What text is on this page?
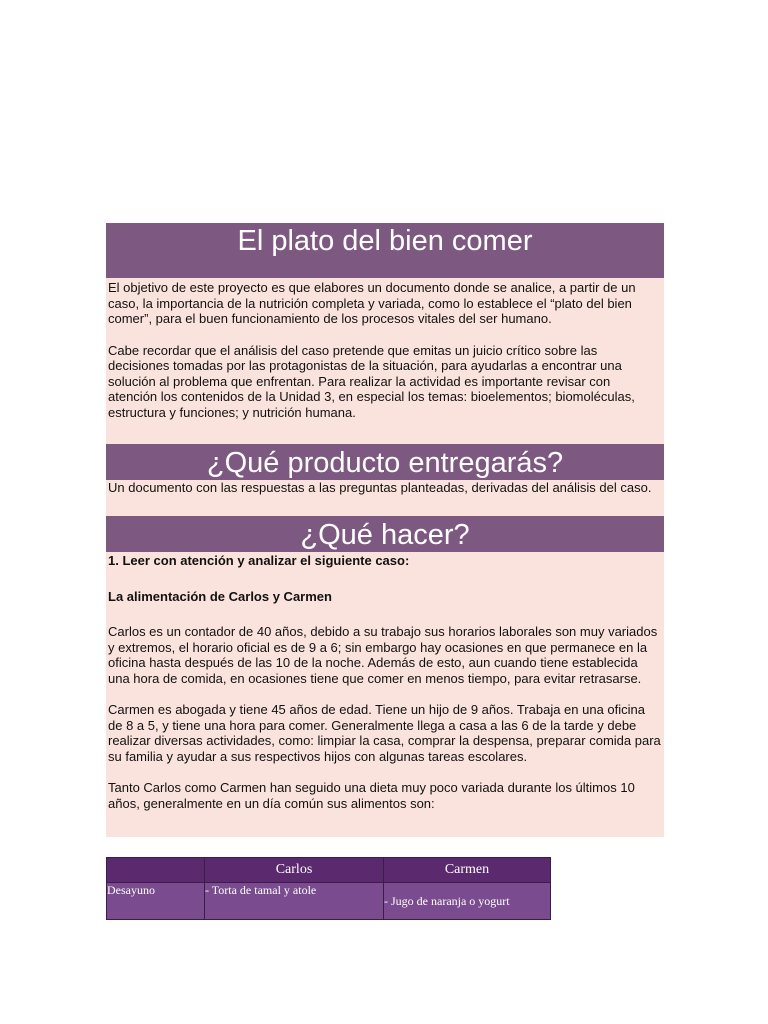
El plato del bien comer

El objetivo de este proyecto es que elabores un documento donde se analice, a partir de un caso, la importancia de la nutrición completa y variada, como lo establece el “plato del bien comer”, para el buen funcionamiento de los procesos vitales del ser humano.

Cabe recordar que el análisis del caso pretende que emitas un juicio crítico sobre las decisiones tomadas por las protagonistas de la situación, para ayudarlas a encontrar una solución al problema que enfrentan. Para realizar la actividad es importante revisar con atención los contenidos de la Unidad 3, en especial los temas: bioelementos; biomoléculas, estructura y funciones; y nutrición humana.

¿Qué producto entregarás?

Un documento con las respuestas a las preguntas planteadas, derivadas del análisis del caso.

¿Qué hacer?

1. Leer con atención y analizar el siguiente caso:

La alimentación de Carlos y Carmen

Carlos es un contador de 40 años, debido a su trabajo sus horarios laborales son muy variados y extremos, el horario oficial es de 9 a 6; sin embargo hay ocasiones en que permanece en la oficina hasta después de las 10 de la noche. Además de esto, aun cuando tiene establecida una hora de comida, en ocasiones tiene que comer en menos tiempo, para evitar retrasarse.

Carmen es abogada y tiene 45 años de edad. Tiene un hijo de 9 años. Trabaja en una oficina de 8 a 5, y tiene una hora para comer. Generalmente llega a casa a las 6 de la tarde y debe realizar diversas actividades, como: limpiar la casa, comprar la despensa, preparar comida para su familia y ayudar a sus respectivos hijos con algunas tareas escolares.

Tanto Carlos como Carmen han seguido una dieta muy poco variada durante los últimos 10 años, generalmente en un día común sus alimentos son:

	Carlos	Carmen
Desayuno	- Torta de tamal y atole	- Jugo de naranja o yogurt
